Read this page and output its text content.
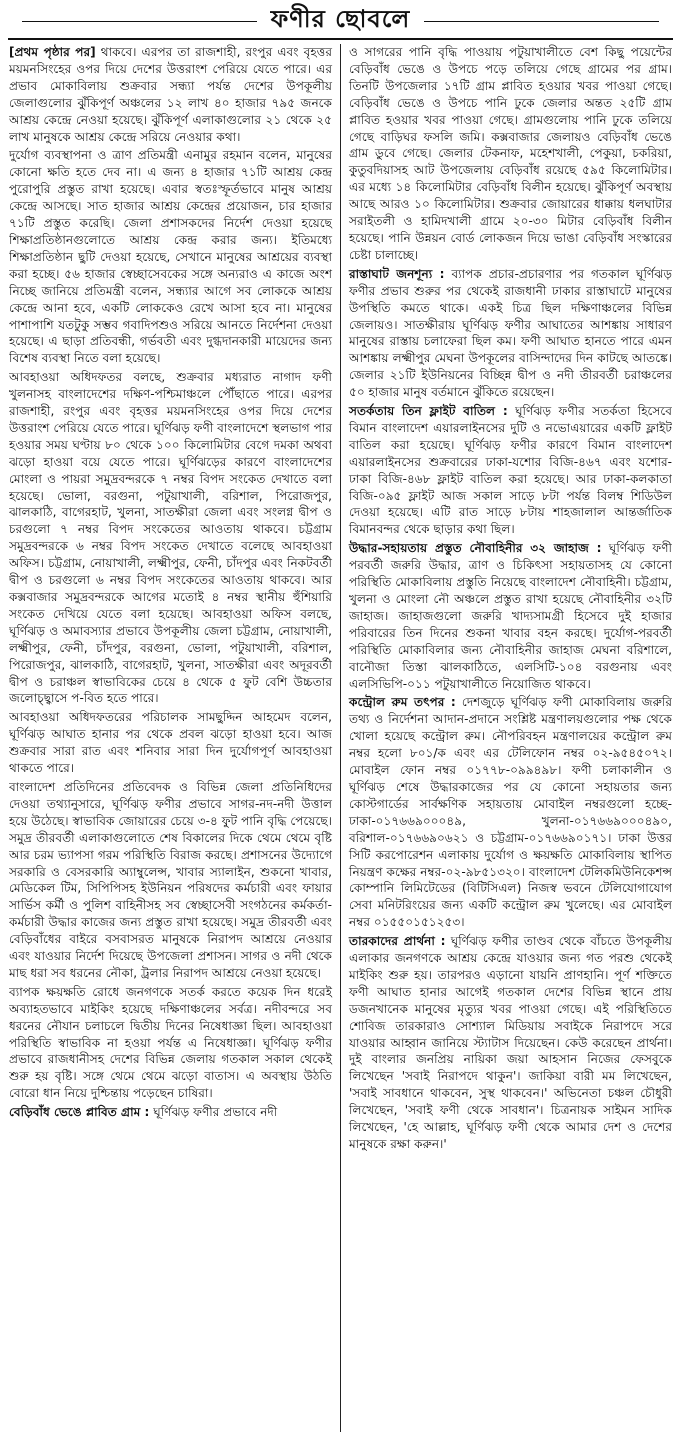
ফণীর ছোবলে

[প্রথম পৃষ্ঠার পর] থাকবে। এরপর তা রাজশাহী, রংপুর এবং বৃহত্তর ময়মনসিংহের ওপর দিয়ে দেশের উত্তরাংশ পেরিয়ে যেতে পারে। এর প্রভাব মোকাবিলায় শুক্রবার সন্ধ্যা পর্যন্ত দেশের উপকূলীয় জেলাগুলোর ঝুঁকিপূর্ণ অঞ্চলের ১২ লাখ ৪০ হাজার ৭৯৫ জনকে আশ্রয় কেন্দ্রে নেওয়া হয়েছে। ঝুঁকিপূর্ণ এলাকাগুলোর ২১ থেকে ২৫ লাখ মানুষকে আশ্রয় কেন্দ্রে সরিয়ে নেওয়ার কথা।

দুর্যোগ ব্যবস্থাপনা ও ত্রাণ প্রতিমন্ত্রী এনামুর রহমান বলেন, মানুষের কোনো ক্ষতি হতে দেব না। এ জন্য ৪ হাজার ৭১টি আশ্রয় কেন্দ্র পুরোপুরি প্রস্তুত রাখা হয়েছে। এবার স্বতঃস্ফূর্তভাবে মানুষ আশ্রয় কেন্দ্রে আসছে। সাত হাজার আশ্রয় কেন্দ্রের প্রয়োজন, চার হাজার ৭১টি প্রস্তুত করেছি। জেলা প্রশাসকদের নির্দেশ দেওয়া হয়েছে শিক্ষাপ্রতিষ্ঠানগুলোতে আশ্রয় কেন্দ্র করার জন্য। ইতিমধ্যে শিক্ষাপ্রতিষ্ঠান ছুটি দেওয়া হয়েছে, সেখানে মানুষের আশ্রয়ের ব্যবস্থা করা হচ্ছে। ৫৬ হাজার স্বেচ্ছাসেবকের সঙ্গে অন্যরাও এ কাজে অংশ নিচ্ছে জানিয়ে প্রতিমন্ত্রী বলেন, সন্ধ্যার আগে সব লোককে আশ্রয় কেন্দ্রে আনা হবে, একটি লোককেও রেখে আসা হবে না। মানুষের পাশাপাশি যতটুকু সম্ভব গবাদিপশুও সরিয়ে আনতে নির্দেশনা দেওয়া হয়েছে। এ ছাড়া প্রতিবন্ধী, গর্ভবতী এবং দুগ্ধদানকারী মায়েদের জন্য বিশেষ ব্যবস্থা নিতে বলা হয়েছে।

আবহাওয়া অধিদফতর বলছে, শুক্রবার মধ্যরাত নাগাদ ফণী খুলনাসহ বাংলাদেশের দক্ষিণ-পশ্চিমাঞ্চলে পৌঁছাতে পারে। এরপর রাজশাহী, রংপুর এবং বৃহত্তর ময়মনসিংহের ওপর দিয়ে দেশের উত্তরাংশ পেরিয়ে যেতে পারে। ঘূর্ণিঝড় ফণী বাংলাদেশে স্থলভাগ পার হওয়ার সময় ঘণ্টায় ৮০ থেকে ১০০ কিলোমিটার বেগে দমকা অথবা ঝড়ো হাওয়া বয়ে যেতে পারে। ঘূর্ণিঝড়ের কারণে বাংলাদেশের মোংলা ও পায়রা সমুদ্রবন্দরকে ৭ নম্বর বিপদ সংকেত দেখাতে বলা হয়েছে। ভোলা, বরগুনা, পটুয়াখালী, বরিশাল, পিরোজপুর, ঝালকাঠি, বাগেরহাট, খুলনা, সাতক্ষীরা জেলা এবং সংলগ্ন দ্বীপ ও চরগুলো ৭ নম্বর বিপদ সংকেতের আওতায় থাকবে। চট্টগ্রাম সমুদ্রবন্দরকে ৬ নম্বর বিপদ সংকেত দেখাতে বলেছে আবহাওয়া অফিস। চট্টগ্রাম, নোয়াখালী, লক্ষ্মীপুর, ফেনী, চাঁদপুর এবং নিকটবর্তী দ্বীপ ও চরগুলো ৬ নম্বর বিপদ সংকেতের আওতায় থাকবে। আর কক্সবাজার সমুদ্রবন্দরকে আগের মতোই ৪ নম্বর স্থানীয় হুঁশিয়ারি সংকেত দেখিয়ে যেতে বলা হয়েছে। আবহাওয়া অফিস বলছে, ঘূর্ণিঝড় ও অমাবস্যার প্রভাবে উপকূলীয় জেলা চট্টগ্রাম, নোয়াখালী, লক্ষ্মীপুর, ফেনী, চাঁদপুর, বরগুনা, ভোলা, পটুয়াখালী, বরিশাল, পিরোজপুর, ঝালকাঠি, বাগেরহাট, খুলনা, সাতক্ষীরা এবং অদূরবর্তী দ্বীপ ও চরাঞ্চল স্বাভাবিকের চেয়ে ৪ থেকে ৫ ফুট বেশি উচ্চতার জলোচ্ছ্বাসে প-বিত হতে পারে।

আবহাওয়া অধিদফতরের পরিচালক সামছুদ্দিন আহমেদ বলেন, ঘূর্ণিঝড় আঘাত হানার পর থেকে প্রবল ঝড়ো হাওয়া হবে। আজ শুক্রবার সারা রাত এবং শনিবার সারা দিন দুর্যোগপূর্ণ আবহাওয়া থাকতে পারে।

বাংলাদেশ প্রতিদিনের প্রতিবেদক ও বিভিন্ন জেলা প্রতিনিধিদের দেওয়া তথ্যানুসারে, ঘূর্ণিঝড় ফণীর প্রভাবে সাগর-নদ-নদী উত্তাল হয়ে উঠেছে। স্বাভাবিক জোয়ারের চেয়ে ৩-৪ ফুট পানি বৃদ্ধি পেয়েছে। সমুদ্র তীরবর্তী এলাকাগুলোতে শেষ বিকালের দিকে থেমে থেমে বৃষ্টি আর চরম ভ্যাপসা গরম পরিস্থিতি বিরাজ করছে। প্রশাসনের উদ্যোগে সরকারি ও বেসরকারি অ্যাম্বুলেন্স, খাবার স্যালাইন, শুকনো খাবার, মেডিকেল টিম, সিপিপিসহ ইউনিয়ন পরিষদের কর্মচারী এবং ফায়ার সার্ভিস কর্মী ও পুলিশ বাহিনীসহ সব স্বেচ্ছাসেবী সংগঠনের কর্মকর্তা-কর্মচারী উদ্ধার কাজের জন্য প্রস্তুত রাখা হয়েছে। সমুদ্র তীরবর্তী এবং বেড়িবাঁধের বাইরে বসবাসরত মানুষকে নিরাপদ আশ্রয়ে নেওয়ার এবং যাওয়ার নির্দেশ দিয়েছে উপজেলা প্রশাসন। সাগর ও নদী থেকে মাছ ধরা সব ধরনের নৌকা, ট্রলার নিরাপদ আশ্রয়ে নেওয়া হয়েছে।

ব্যাপক ক্ষয়ক্ষতি রোধে জনগণকে সতর্ক করতে কয়েক দিন ধরেই অব্যাহতভাবে মাইকিং হয়েছে দক্ষিণাঞ্চলের সর্বত্র। নদীবন্দরে সব ধরনের নৌযান চলাচলে দ্বিতীয় দিনের নিষেধাজ্ঞা ছিল। আবহাওয়া পরিস্থিতি স্বাভাবিক না হওয়া পর্যন্ত এ নিষেধাজ্ঞা। ঘূর্ণিঝড় ফণীর প্রভাবে রাজধানীসহ দেশের বিভিন্ন জেলায় গতকাল সকাল থেকেই শুরু হয় বৃষ্টি। সঙ্গে থেমে থেমে ঝড়ো বাতাস। এ অবস্থায় উঠতি বোরো ধান নিয়ে দুশ্চিন্তায় পড়েছেন চাষিরা।

বেড়িবাঁধ ভেঙে প্লাবিত গ্রাম : ঘূর্ণিঝড় ফণীর প্রভাবে নদী

ও সাগরের পানি বৃদ্ধি পাওয়ায় পটুয়াখালীতে বেশ কিছু পয়েন্টের বেড়িবাঁধ ভেঙে ও উপচে পড়ে তলিয়ে গেছে গ্রামের পর গ্রাম। তিনটি উপজেলার ১৭টি গ্রাম প্লাবিত হওয়ার খবর পাওয়া গেছে। বেড়িবাঁধ ভেঙে ও উপচে পানি ঢুকে জেলার অন্তত ২৫টি গ্রাম প্লাবিত হওয়ার খবর পাওয়া গেছে। গ্রামগুলোয় পানি ঢুকে তলিয়ে গেছে বাড়িঘর ফসলি জমি। কক্সবাজার জেলায়ও বেড়িবাঁধ ভেঙে গ্রাম ডুবে গেছে। জেলার টেকনাফ, মহেশখালী, পেকুয়া, চকরিয়া, কুতুবদিয়াসহ আট উপজেলায় বেড়িবাঁধ রয়েছে ৫৯৫ কিলোমিটার। এর মধ্যে ১৪ কিলোমিটার বেড়িবাঁধ বিলীন হয়েছে। ঝুঁকিপূর্ণ অবস্থায় আছে আরও ১০ কিলোমিটার। শুক্রবার জোয়ারের ধাক্কায় ধলঘাটার সরাইতলী ও হামিদখালী গ্রামে ২০-৩০ মিটার বেড়িবাঁধ বিলীন হয়েছে। পানি উন্নয়ন বোর্ড লোকজন দিয়ে ভাঙা বেড়িবাঁধ সংস্কারের চেষ্টা চালাচ্ছে।

রাস্তাঘাট জনশূন্য : ব্যাপক প্রচার-প্রচারণার পর গতকাল ঘূর্ণিঝড় ফণীর প্রভাব শুরুর পর থেকেই রাজধানী ঢাকার রাস্তাঘাটে মানুষের উপস্থিতি কমতে থাকে। একই চিত্র ছিল দক্ষিণাঞ্চলের বিভিন্ন জেলায়ও। সাতক্ষীরায় ঘূর্ণিঝড় ফণীর আঘাতের আশঙ্কায় সাধারণ মানুষের রাস্তায় চলাফেরা ছিল কম। ফণী আঘাত হানতে পারে এমন আশঙ্কায় লক্ষ্মীপুর মেঘনা উপকূলের বাসিন্দাদের দিন কাটছে আতঙ্কে। জেলার ২১টি ইউনিয়নের বিচ্ছিন্ন দ্বীপ ও নদী তীরবর্তী চরাঞ্চলের ৫০ হাজার মানুষ বর্তমানে ঝুঁকিতে রয়েছেন।

সতর্কতায় তিন ফ্লাইট বাতিল : ঘূর্ণিঝড় ফণীর সতর্কতা হিসেবে বিমান বাংলাদেশ এয়ারলাইনসের দুটি ও নভোএয়ারের একটি ফ্লাইট বাতিল করা হয়েছে। ঘূর্ণিঝড় ফণীর কারণে বিমান বাংলাদেশ এয়ারলাইনসের শুক্রবারের ঢাকা-যশোর বিজি-৪৬৭ এবং যশোর-ঢাকা বিজি-৪৬৮ ফ্লাইট বাতিল করা হয়েছে। আর ঢাকা-কলকাতা বিজি-০৯৫ ফ্লাইট আজ সকাল সাড়ে ৮টা পর্যন্ত বিলম্ব শিডিউল দেওয়া হয়েছে। এটি রাত সাড়ে ৮টায় শাহজালাল আন্তর্জাতিক বিমানবন্দর থেকে ছাড়ার কথা ছিল।

উদ্ধার-সহায়তায় প্রস্তুত নৌবাহিনীর ৩২ জাহাজ : ঘূর্ণিঝড় ফণী পরবর্তী জরুরি উদ্ধার, ত্রাণ ও চিকিৎসা সহায়তাসহ যে কোনো পরিস্থিতি মোকাবিলায় প্রস্তুতি নিয়েছে বাংলাদেশ নৌবাহিনী। চট্টগ্রাম, খুলনা ও মোংলা নৌ অঞ্চলে প্রস্তুত রাখা হয়েছে নৌবাহিনীর ৩২টি জাহাজ। জাহাজগুলো জরুরি খাদ্যসামগ্রী হিসেবে দুই হাজার পরিবারের তিন দিনের শুকনা খাবার বহন করছে। দুর্যোগ-পরবর্তী পরিস্থিতি মোকাবিলার জন্য নৌবাহিনীর জাহাজ মেঘনা বরিশালে, বানৌজা তিস্তা ঝালকাঠিতে, এলসিটি-১০৪ বরগুনায় এবং এলসিভিপি-০১১ পটুয়াখালীতে নিয়োজিত থাকবে।

কন্ট্রোল রুম তৎপর : দেশজুড়ে ঘূর্ণিঝড় ফণী মোকাবিলায় জরুরি তথ্য ও নির্দেশনা আদান-প্রদানে সংশ্লিষ্ট মন্ত্রণালয়গুলোর পক্ষ থেকে খোলা হয়েছে কন্ট্রোল রুম। নৌপরিবহন মন্ত্রণালয়ের কন্ট্রোল রুম নম্বর হলো ৮০১/ক এবং এর টেলিফোন নম্বর ০২-৯৫৪৫০৭২। মোবাইল ফোন নম্বর ০১৭৭৮-০৯৯৪৯৮। ফণী চলাকালীন ও ঘূর্ণিঝড় শেষে উদ্ধারকাজের পর যে কোনো সহায়তার জন্য কোস্টগার্ডের সার্বক্ষণিক সহায়তায় মোবাইল নম্বরগুলো হচ্ছে- ঢাকা-০১৭৬৬৯০০০৪৯, খুলনা-০১৭৬৬৯০০০৪৯০, বরিশাল-০১৭৬৬৯০৬২১ ও চট্টগ্রাম-০১৭৬৬৯০১৭১। ঢাকা উত্তর সিটি করপোরেশন এলাকায় দুর্যোগ ও ক্ষয়ক্ষতি মোকাবিলায় স্থাপিত নিয়ন্ত্রণ কক্ষের নম্বর-০২-৯৮৫১৩২০। বাংলাদেশ টেলিকমিউনিকেশন্স কোম্পানি লিমিটেডের (বিটিসিএল) নিজস্ব ভবনে টেলিযোগাযোগ সেবা মনিটরিংয়ের জন্য একটি কন্ট্রোল রুম খুলেছে। এর মোবাইল নম্বর ০১৫৫০১৫১২৫৩।

তারকাদের প্রার্থনা : ঘূর্ণিঝড় ফণীর তাণ্ডব থেকে বাঁচতে উপকূলীয় এলাকার জনগণকে আশ্রয় কেন্দ্রে যাওয়ার জন্য গত পরশু থেকেই মাইকিং শুরু হয়। তারপরও এড়ানো যায়নি প্রাণহানি। পূর্ণ শক্তিতে ফণী আঘাত হানার আগেই গতকাল দেশের বিভিন্ন স্থানে প্রায় ডজনখানেক মানুষের মৃত্যুর খবর পাওয়া গেছে। এই পরিস্থিতিতে শোবিজ তারকারাও সোশ্যাল মিডিয়ায় সবাইকে নিরাপদে সরে যাওয়ার আহ্বান জানিয়ে স্ট্যাটাস দিয়েছেন। কেউ করেছেন প্রার্থনা। দুই বাংলার জনপ্রিয় নায়িকা জয়া আহসান নিজের ফেসবুকে লিখেছেন 'সবাই নিরাপদে থাকুন'। জাকিয়া বারী মম লিখেছেন, 'সবাই সাবধানে থাকবেন, সুস্থ থাকবেন।' অভিনেতা চঞ্চল চৌধুরী লিখেছেন, 'সবাই ফণী থেকে সাবধান'। চিত্রনায়ক সাইমন সাদিক লিখেছেন, 'হে আল্লাহ, ঘূর্ণিঝড় ফণী থেকে আমার দেশ ও দেশের মানুষকে রক্ষা করুন।'
